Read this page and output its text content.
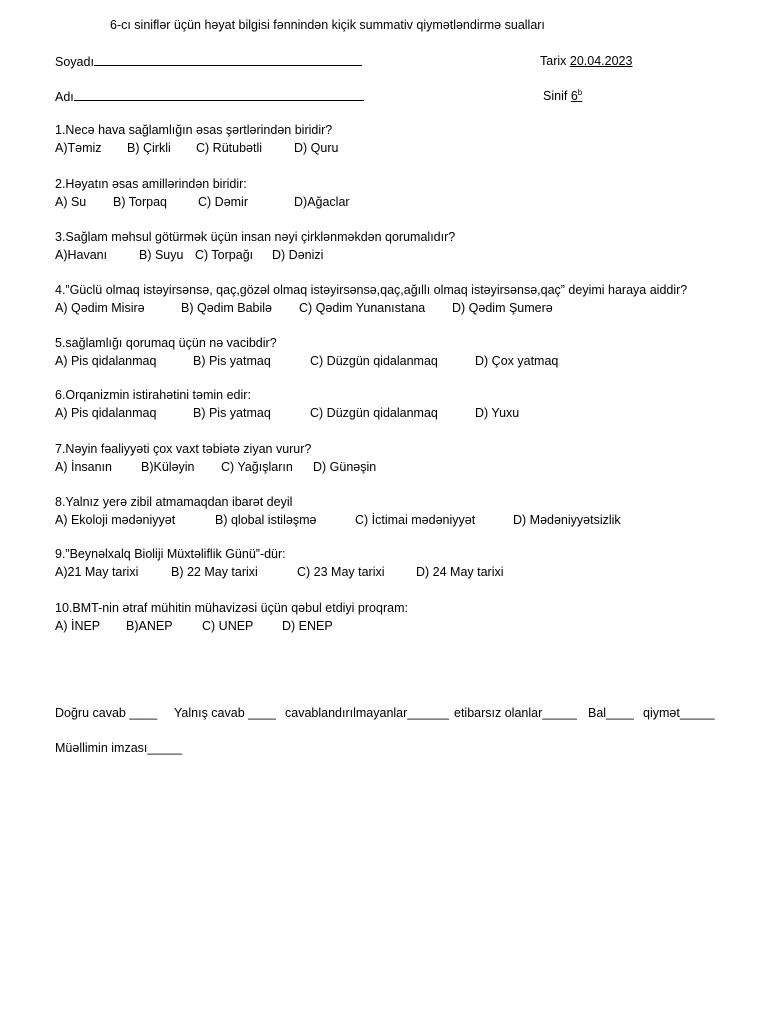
6-cı siniflər üçün həyat bilgisi fənnindən kiçik summativ qiymətləndirmə sualları
Soyadı	Tarix 20.04.2023
Adı	Sinif 6$^b$
1.Necə hava sağlamlığın əsas şərtlərindən biridir?
A)Təmiz B) Çirkli C) Rütubətli	D) Quru
2.Həyatın əsas amillərindən biridir:
A) Su B) Torpaq C) Dəmir	D)Ağaclar
3.Sağlam məhsul götürmək üçün insan nəyi çirklənməkdən qorumalıdır?
A)Havanı	B) Suyu C) Torpağı D) Dənizi
4.”Güclü olmaq istəyirsənsə, qaç,gözəl olmaq istəyirsənsə,qaç,ağıllı olmaq istəyirsənsə,qaç” deyimi haraya aiddir?
A) Qədim Misirə	B) Qədim Babilə C) Qədim Yunanıstana D) Qədim Şumerə
5.sağlamlığı qorumaq üçün nə vacibdir?
A) Pis qidalanmaq	B) Pis yatmaq	C) Düzgün qidalanmaq	D) Çox yatmaq
6.Orqanizmin istirahətini təmin edir:
A) Pis qidalanmaq	B) Pis yatmaq	C) Düzgün qidalanmaq	D) Yuxu
7.Nəyin fəaliyyəti çox vaxt təbiətə ziyan vurur?
A) İnsanın B)Küləyin C) Yağışların D) Günəşin
8.Yalnız yerə zibil atmamaqdan ibarət deyil
A) Ekoloji mədəniyyət	B) qlobal istiləşmə	C) İctimai mədəniyyət	D) Mədəniyyətsizlik
9.”Beynəlxalq Bioliji Müxtəliflik Günü”-dür:
A)21 May tarixi	B) 22 May tarixi	C) 23 May tarixi	D) 24 May tarixi
10.BMT-nin ətraf mühitin mühavizəsi üçün qəbul etdiyi proqram:
A) İNEP B)ANEP C) UNEP D) ENEP
Doğru cavab ____ Yalnış cavab ____ cavablandırılmayanlar______ etibarsız olanlar_____ Bal____ qiymət_____
Müəllimin imzası_____
